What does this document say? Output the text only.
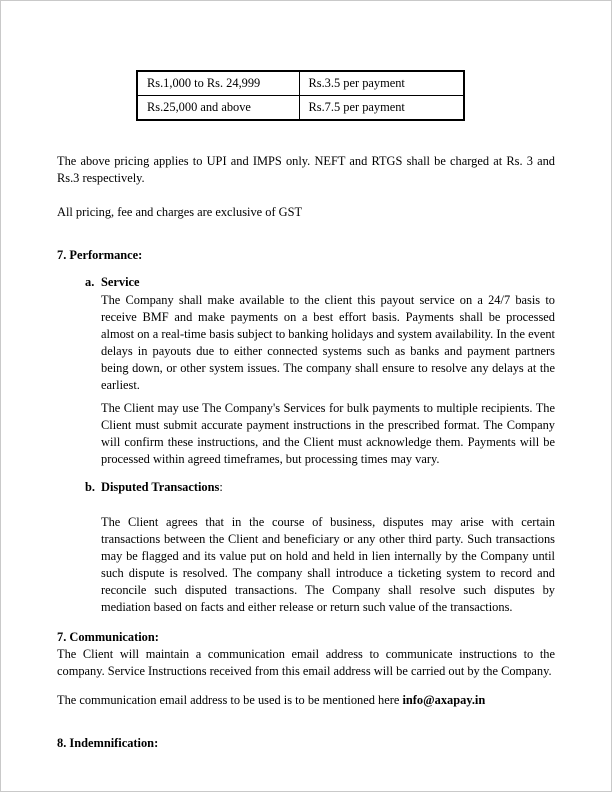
Rs.1,000 to Rs. 24,999	Rs.3.5 per payment
Rs.25,000 and above	Rs.7.5 per payment

The above pricing applies to UPI and IMPS only. NEFT and RTGS shall be charged at Rs. 3 and Rs.3 respectively.

All pricing, fee and charges are exclusive of GST

7. Performance:
a. Service

The Company shall make available to the client this payout service on a 24/7 basis to receive BMF and make payments on a best effort basis. Payments shall be processed almost on a real-time basis subject to banking holidays and system availability. In the event delays in payouts due to either connected systems such as banks and payment partners being down, or other system issues. The company shall ensure to resolve any delays at the earliest.

The Client may use The Company's Services for bulk payments to multiple recipients. The Client must submit accurate payment instructions in the prescribed format. The Company will confirm these instructions, and the Client must acknowledge them. Payments will be processed within agreed timeframes, but processing times may vary.

b. Disputed Transactions:

The Client agrees that in the course of business, disputes may arise with certain transactions between the Client and beneficiary or any other third party. Such transactions may be flagged and its value put on hold and held in lien internally by the Company until such dispute is resolved. The company shall introduce a ticketing system to record and reconcile such disputed transactions. The Company shall resolve such disputes by mediation based on facts and either release or return such value of the transactions.

7. Communication:

The Client will maintain a communication email address to communicate instructions to the company. Service Instructions received from this email address will be carried out by the Company.

The communication email address to be used is to be mentioned here info@axapay.in

8. Indemnification:
